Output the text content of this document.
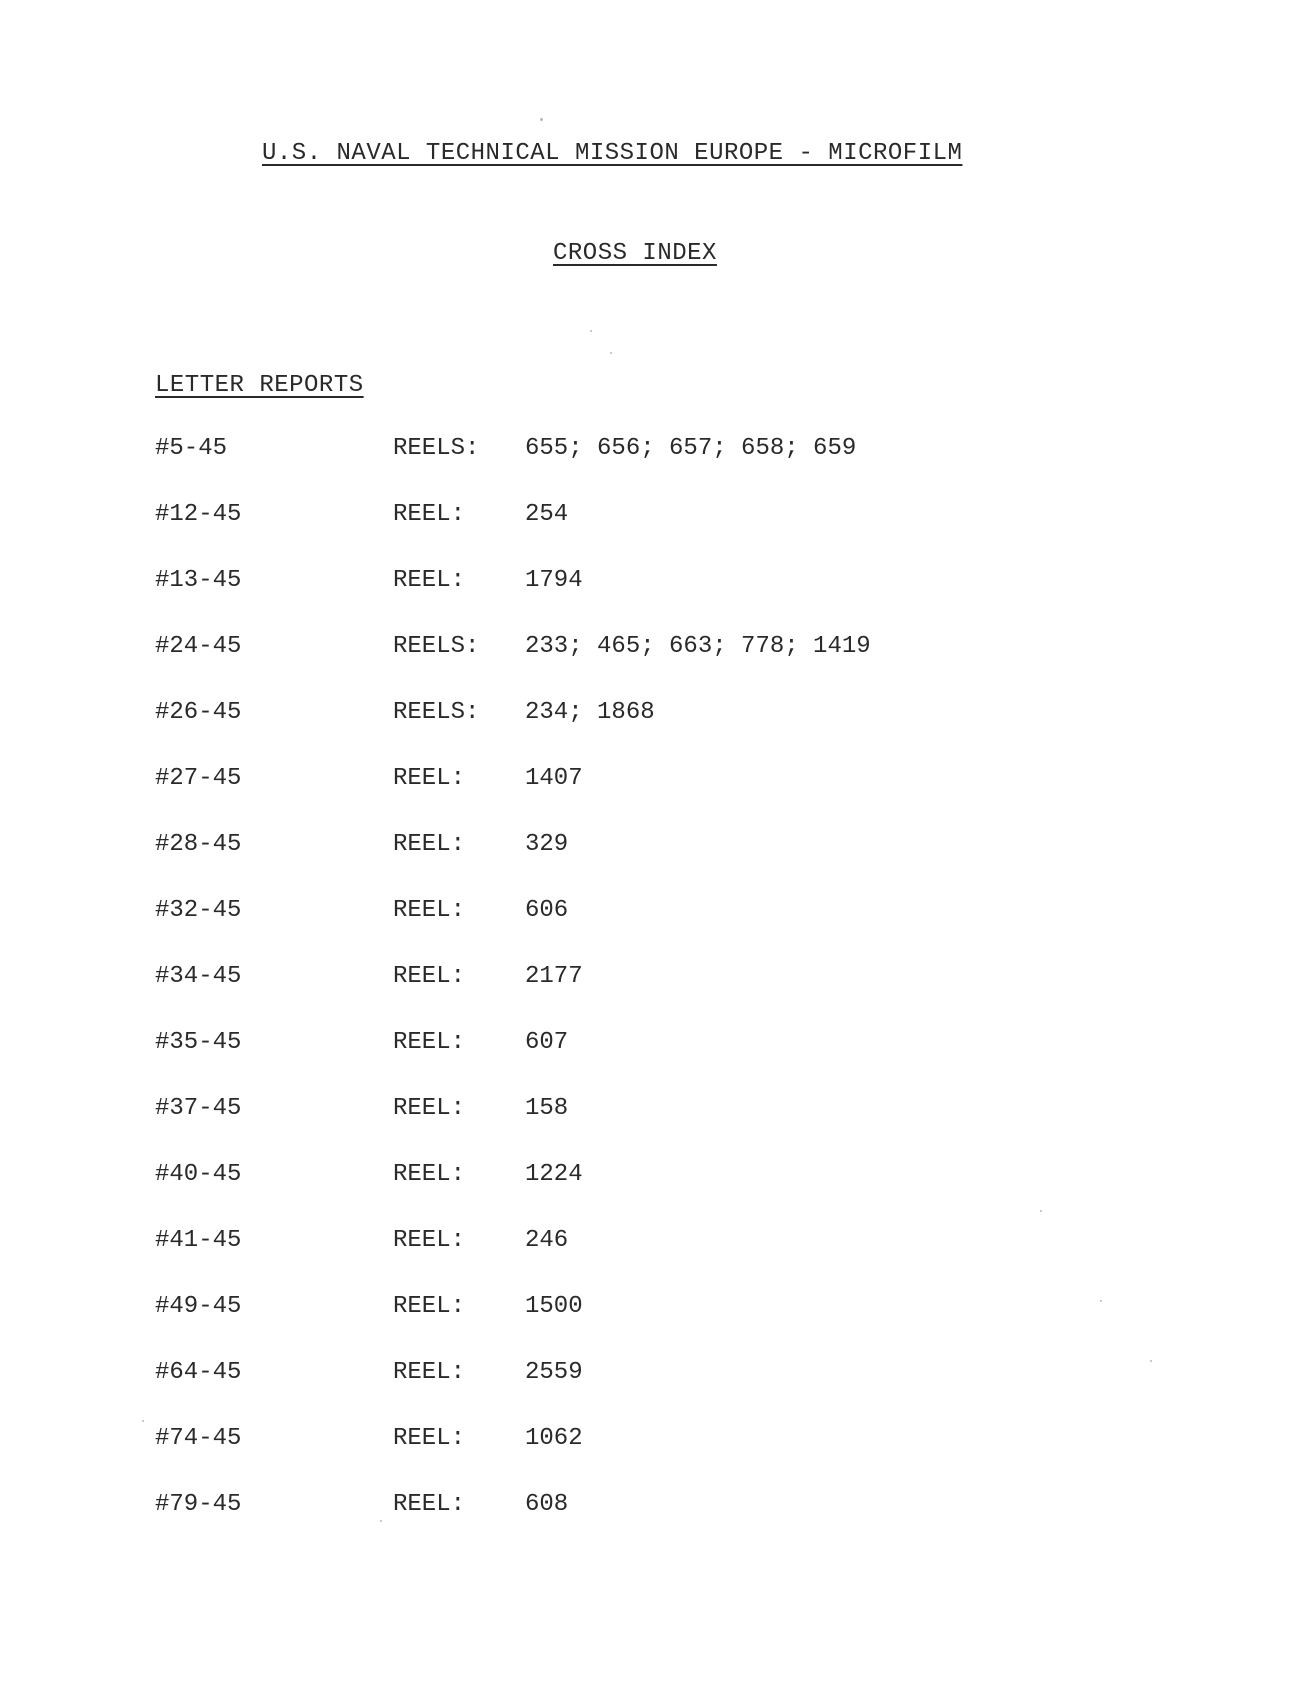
U.S. NAVAL TECHNICAL MISSION EUROPE - MICROFILM
CROSS INDEX
LETTER REPORTS
#5-45	REELS: 655; 656; 657; 658; 659
#12-45	REEL: 254
#13-45	REEL: 1794
#24-45	REELS: 233; 465; 663; 778; 1419
#26-45	REELS: 234; 1868
#27-45	REEL: 1407
#28-45	REEL: 329
#32-45	REEL: 606
#34-45	REEL: 2177
#35-45	REEL: 607
#37-45	REEL: 158
#40-45	REEL: 1224
#41-45	REEL: 246
#49-45	REEL: 1500
#64-45	REEL: 2559
#74-45	REEL: 1062
#79-45	REEL: 608
